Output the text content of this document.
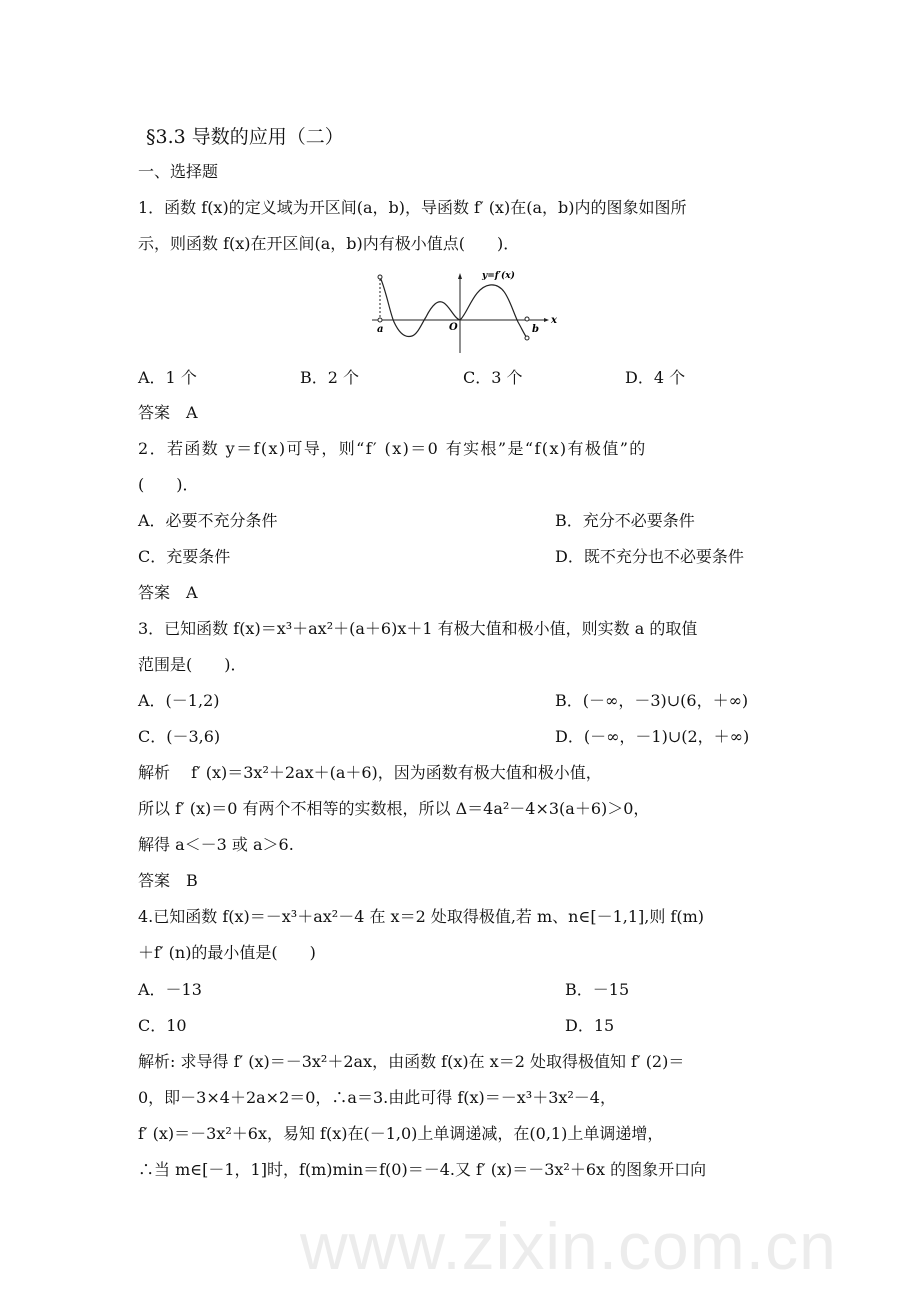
www.zixin.com.cn
§3.3 导数的应用（二）
一、选择题
1．函数 f(x)的定义域为开区间(a，b)，导函数 f′ (x)在(a，b)内的图象如图所
示，则函数 f(x)在开区间(a，b)内有极小值点(　　)．
y=f′(x)
a	O	b
x
A．1 个	B．2 个	C．3 个	D．4 个
答案　A
2．若函数 y＝f(x)可导，则“f′ (x)＝0 有实根”是“f(x)有极值”的
(　　)．
A．必要不充分条件	B．充分不必要条件
C．充要条件	D．既不充分也不必要条件
答案　A
3．已知函数 f(x)＝x³＋ax²＋(a＋6)x＋1 有极大值和极小值，则实数 a 的取值
范围是(　　)．
A．(－1,2)	B．(－∞，－3)∪(6，＋∞)
C．(－3,6)	D．(－∞，－1)∪(2，＋∞)
解析　 f′ (x)＝3x²＋2ax＋(a＋6)，因为函数有极大值和极小值，
所以 f′ (x)＝0 有两个不相等的实数根，所以 Δ＝4a²－4×3(a＋6)＞0，
解得 a＜－3 或 a＞6.
答案　B
4.已知函数 f(x)＝－x³＋ax²－4 在 x＝2 处取得极值,若 m、n∈[－1,1],则 f(m)
＋f′ (n)的最小值是(　　)
A．－13	B．－15
C．10	D．15
解析: 求导得 f′ (x)＝－3x²＋2ax，由函数 f(x)在 x＝2 处取得极值知 f′ (2)＝
0，即－3×4＋2a×2＝0，∴a＝3.由此可得 f(x)＝－x³＋3x²－4，
f′ (x)＝－3x²＋6x，易知 f(x)在(－1,0)上单调递减，在(0,1)上单调递增，
∴当 m∈[－1，1]时，f(m)min＝f(0)＝－4.又 f′ (x)＝－3x²＋6x 的图象开口向
